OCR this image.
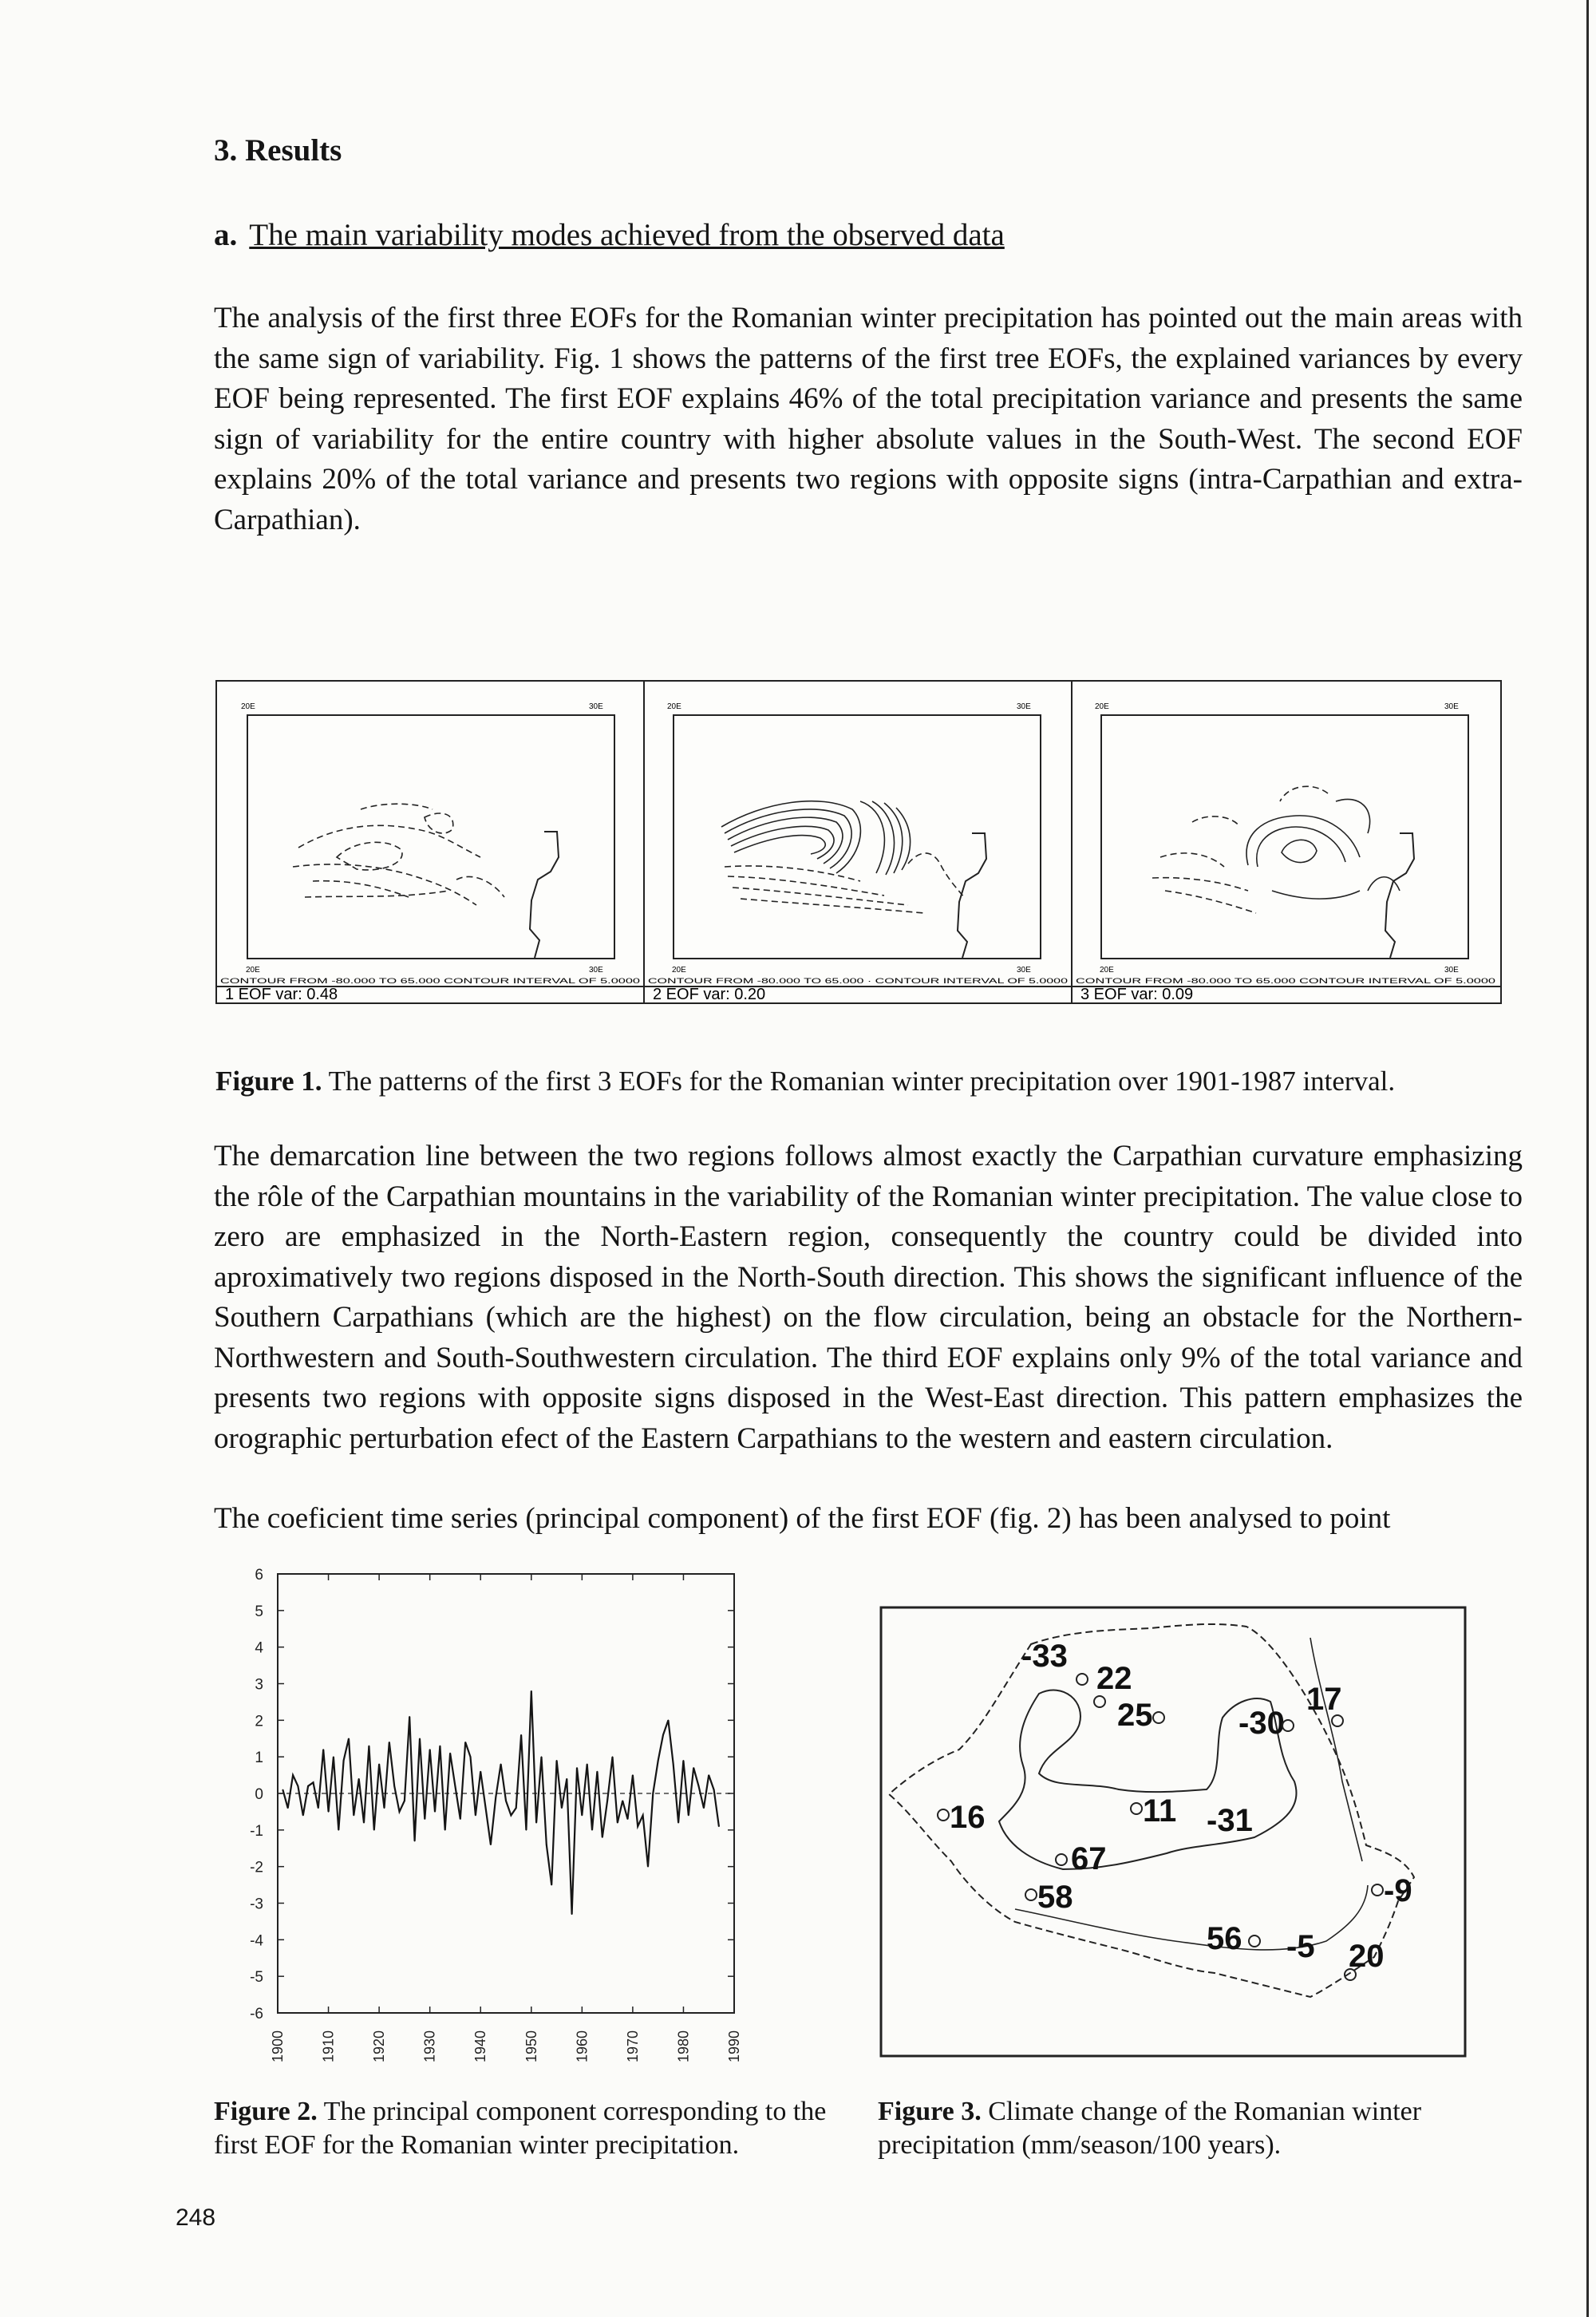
3. Results
a. The main variability modes achieved from the observed data

The analysis of the first three EOFs for the Romanian winter precipitation has pointed out the main areas with the same sign of variability. Fig. 1 shows the patterns of the first tree EOFs, the explained variances by every EOF being represented. The first EOF explains 46% of the total precipitation variance and presents the same sign of variability for the entire country with higher absolute values in the South-West. The second EOF explains 20% of the total variance and presents two regions with opposite signs (intra-Carpathian and extra-Carpathian).

20E	30E
20E	30E
CONTOUR FROM -80.000 TO 65.000 CONTOUR INTERVAL OF 5.0000
1 EOF var: 0.48
20E	30E
20E	30E
CONTOUR FROM -80.000 TO 65.000 · CONTOUR INTERVAL OF 5.0000
2 EOF var: 0.20
20E	30E
20E	30E
CONTOUR FROM -80.000 TO 65.000 CONTOUR INTERVAL OF 5.0000
3 EOF var: 0.09
Figure 1. The patterns of the first 3 EOFs for the Romanian winter precipitation over 1901-1987 interval.

The demarcation line between the two regions follows almost exactly the Carpathian curvature emphasizing the rôle of the Carpathian mountains in the variability of the Romanian winter precipitation. The value close to zero are emphasized in the North-Eastern region, consequently the country could be divided into aproximatively two regions disposed in the North-South direction. This shows the significant influence of the Southern Carpathians (which are the highest) on the flow circulation, being an obstacle for the Northern-Northwestern and South-Southwestern circulation. The third EOF explains only 9% of the total variance and presents two regions with opposite signs disposed in the West-East direction. This pattern emphasizes the orographic perturbation efect of the Eastern Carpathians to the western and eastern circulation.

The coeficient time series (principal component) of the first EOF (fig. 2) has been analysed to point

6
5
4
3
2
1
0
-1
-2
-3
-4
-5
-6
1900 1910 1920 1930 1940 1950 1960 1970 1980 1990
Figure 2. The principal component corresponding to the first EOF for the Romanian winter precipitation.
-33
22
25	-30
17
16	11 -31
67
58	-9
56 -5 20
Figure 3. Climate change of the Romanian winter precipitation (mm/season/100 years).
248
